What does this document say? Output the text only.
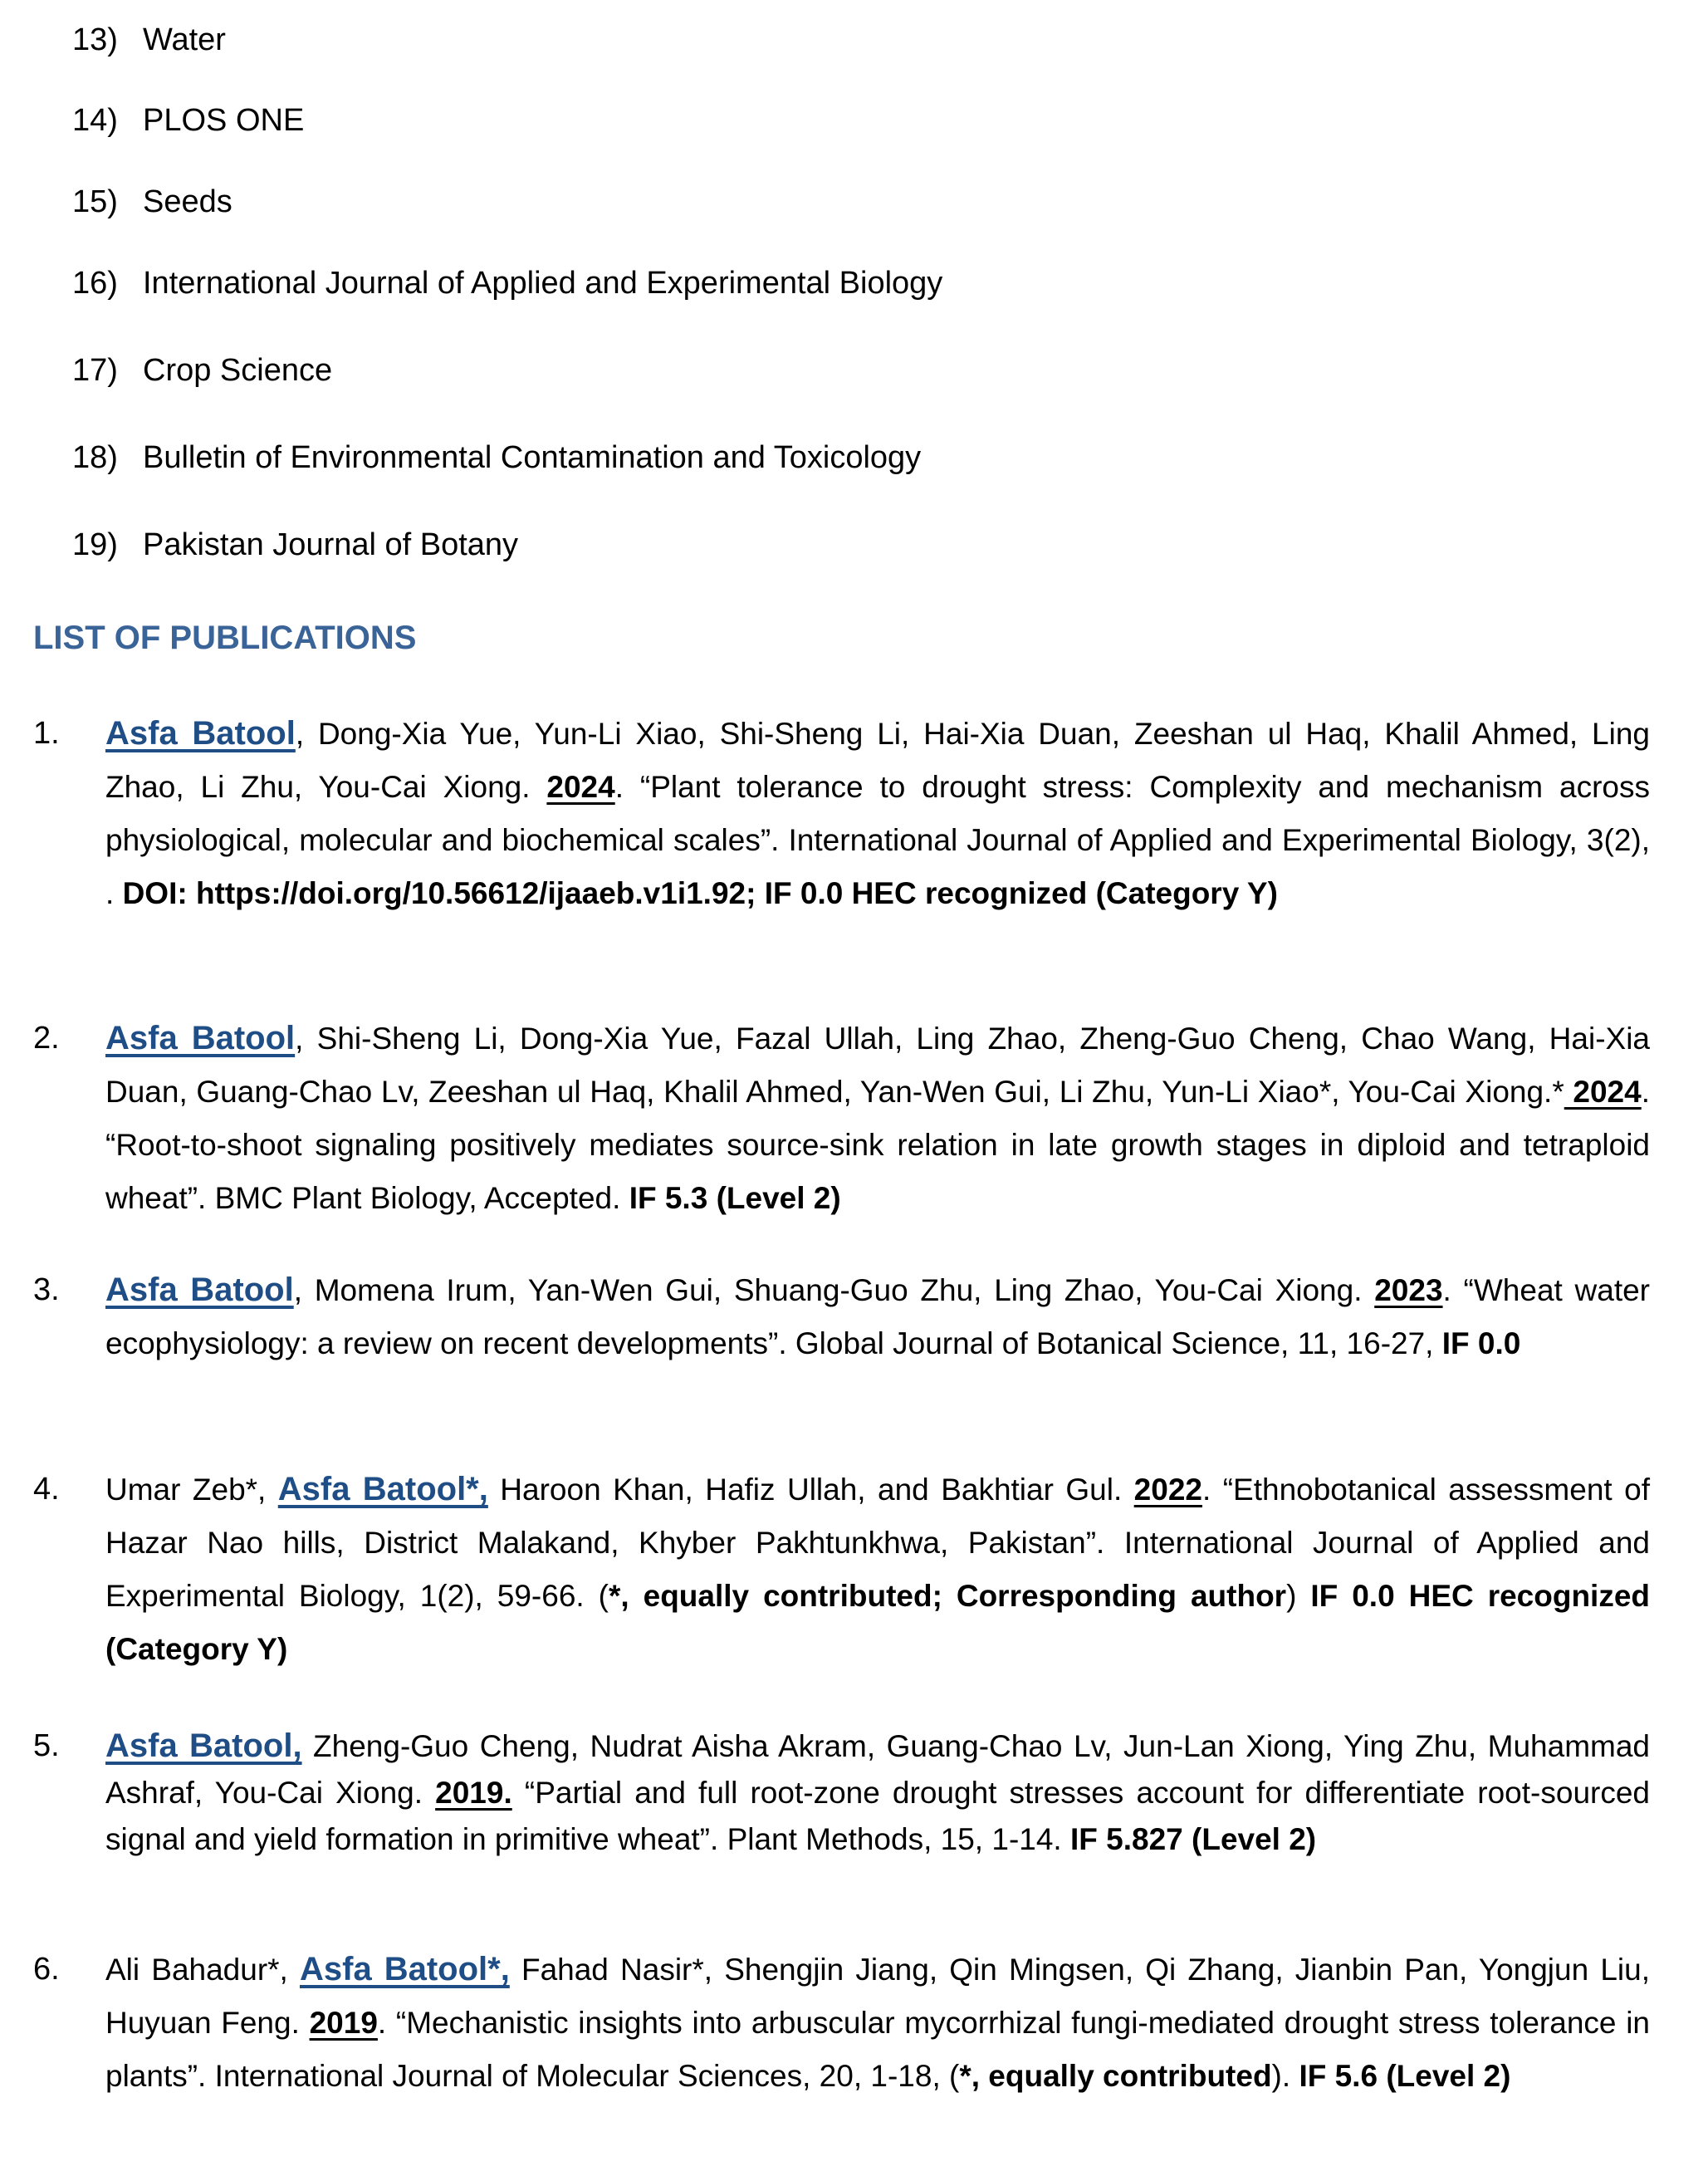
13) Water
14) PLOS ONE
15) Seeds
16) International Journal of Applied and Experimental Biology
17) Crop Science
18) Bulletin of Environmental Contamination and Toxicology
19) Pakistan Journal of Botany
LIST OF PUBLICATIONS
1. Asfa Batool, Dong-Xia Yue, Yun-Li Xiao, Shi-Sheng Li, Hai-Xia Duan, Zeeshan ul Haq, Khalil Ahmed, Ling Zhao, Li Zhu, You-Cai Xiong. 2024. “Plant tolerance to drought stress: Complexity and mechanism across physiological, molecular and biochemical scales”. International Journal of Applied and Experimental Biology, 3(2), . DOI: https://doi.org/10.56612/ijaaeb.v1i1.92; IF 0.0 HEC recognized (Category Y)
2. Asfa Batool, Shi-Sheng Li, Dong-Xia Yue, Fazal Ullah, Ling Zhao, Zheng-Guo Cheng, Chao Wang, Hai-Xia Duan, Guang-Chao Lv, Zeeshan ul Haq, Khalil Ahmed, Yan-Wen Gui, Li Zhu, Yun-Li Xiao*, You-Cai Xiong.* 2024. “Root-to-shoot signaling positively mediates source-sink relation in late growth stages in diploid and tetraploid wheat”. BMC Plant Biology, Accepted. IF 5.3 (Level 2)
3. Asfa Batool, Momena Irum, Yan-Wen Gui, Shuang-Guo Zhu, Ling Zhao, You-Cai Xiong. 2023. “Wheat water ecophysiology: a review on recent developments”. Global Journal of Botanical Science, 11, 16-27, IF 0.0
4. Umar Zeb*, Asfa Batool*, Haroon Khan, Hafiz Ullah, and Bakhtiar Gul. 2022. “Ethnobotanical assessment of Hazar Nao hills, District Malakand, Khyber Pakhtunkhwa, Pakistan”. International Journal of Applied and Experimental Biology, 1(2), 59-66. (*, equally contributed; Corresponding author) IF 0.0 HEC recognized (Category Y)
5. Asfa Batool, Zheng-Guo Cheng, Nudrat Aisha Akram, Guang-Chao Lv, Jun-Lan Xiong, Ying Zhu, Muhammad Ashraf, You-Cai Xiong. 2019. “Partial and full root-zone drought stresses account for differentiate root-sourced signal and yield formation in primitive wheat”. Plant Methods, 15, 1-14. IF 5.827 (Level 2)
6. Ali Bahadur*, Asfa Batool*, Fahad Nasir*, Shengjin Jiang, Qin Mingsen, Qi Zhang, Jianbin Pan, Yongjun Liu, Huyuan Feng. 2019. “Mechanistic insights into arbuscular mycorrhizal fungi-mediated drought stress tolerance in plants”. International Journal of Molecular Sciences, 20, 1-18, (*, equally contributed). IF 5.6 (Level 2)
